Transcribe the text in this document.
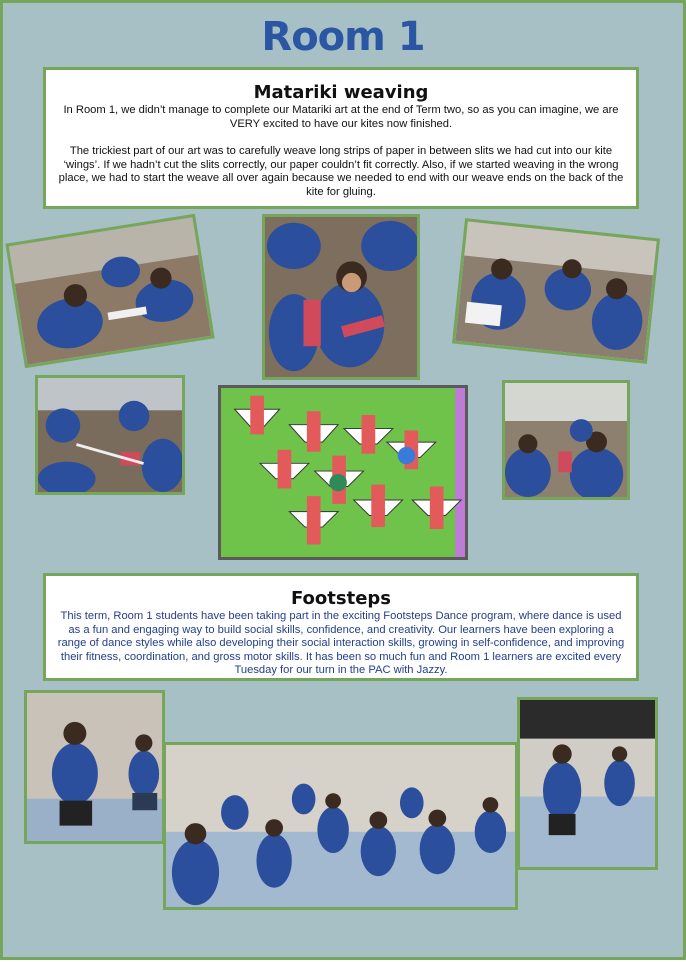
Room 1
Matariki weaving

In Room 1, we didn’t manage to complete our Matariki art at the end of Term two, so as you can imagine, we are VERY excited to have our kites now finished.

The trickiest part of our art was to carefully weave long strips of paper in between slits we had cut into our kite ‘wings’. If we hadn’t cut the slits correctly, our paper couldn’t fit correctly. Also, if we started weaving in the wrong place, we had to start the weave all over again because we needed to end with our weave ends on the back of the kite for gluing.

Footsteps

This term, Room 1 students have been taking part in the exciting Footsteps Dance program, where dance is used as a fun and engaging way to build social skills, confidence, and creativity. Our learners have been exploring a range of dance styles while also developing their social interaction skills, growing in self-confidence, and improving their fitness, coordination, and gross motor skills. It has been so much fun and Room 1 learners are excited every Tuesday for our turn in the PAC with Jazzy.
